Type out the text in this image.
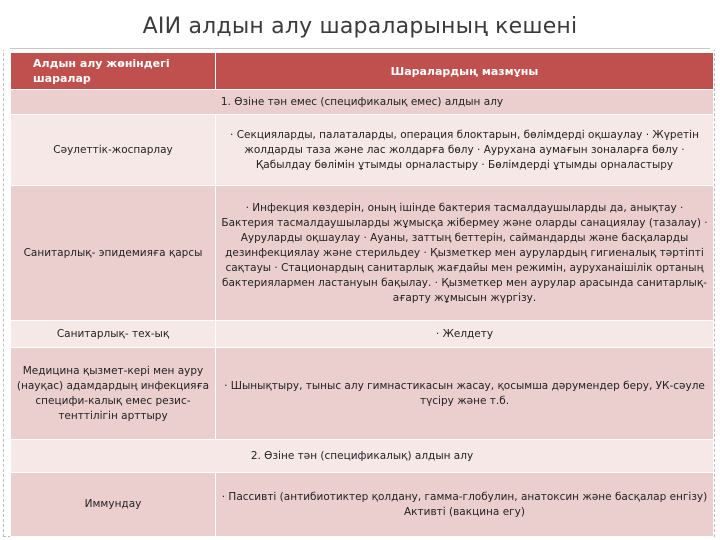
АІИ алдын алу шараларының кешені
Алдын алу жөніндегі шаралар	Шаралардың мазмұны
1. Өзіне тән емес (спецификалық емес) алдын алу	
Сәулеттік-жоспарлау	· Секцияларды, палаталарды, операция блоктарын, бөлімдерді оқшаулау · Жүретін жолдарды таза және лас жолдарға бөлу · Аурухана аумағын зоналарға бөлу · Қабылдау бөлімін ұтымды орналастыру · Бөлімдерді ұтымды орналастыру
Санитарлық- эпидемияға қарсы	· Инфекция көздерін, оның ішінде бактерия тасмалдаушыларды да, анықтау · Бактерия тасмалдаушыларды жұмысқа жібермеу және оларды санациялау (тазалау) · Ауруларды оқшаулау · Ауаны, заттың беттерін, саймандарды және басқаларды дезинфекциялау және стерильдеу · Қызметкер мен аурулардың гигиеналық тәртіпті сақтауы · Стационардың санитарлық жағдайы мен режимін, ауруханаішілік ортаның бактериялармен ластануын бақылау. · Қызметкер мен аурулар арасында санитарлық-ағарту жұмысын жүргізу.
Санитарлық- тех-ық	· Желдету
Медицина қызмет-кері мен ауру (науқас) адамдардың инфекцияға специфи-калық емес резис-тенттілігін арттыру	· Шынықтыру, тыныс алу гимнастикасын жасау, қосымша дәрумендер беру, УК-сәуле түсіру және т.б.
2. Өзіне тән (спецификалық) алдын алу	
Иммундау	· Пассивті (антибиотиктер қолдану, гамма-глобулин, анатоксин және басқалар енгізу) Активті (вакцина егу)
